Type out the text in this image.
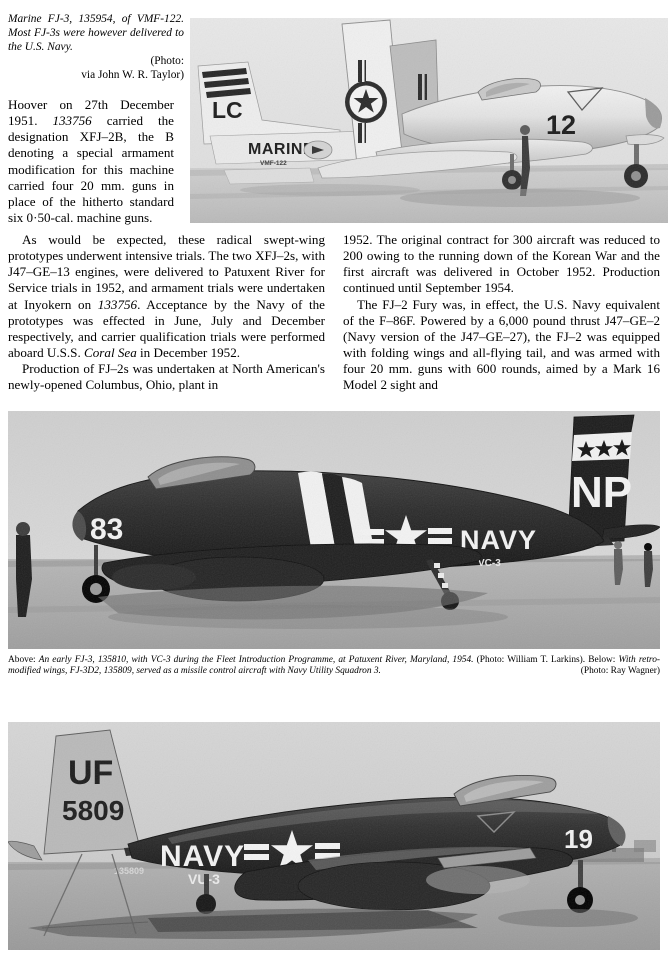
Marine FJ-3, 135954, of VMF-122. Most FJ-3s were however delivered to the U.S. Navy.
(Photo:
via John W. R. Taylor)

Hoover on 27th December 1951. 133756 carried the designation XFJ–2B, the B denoting a special armament modification for this machine carried four 20 mm. guns in place of the hitherto standard six 0·50-cal. machine guns.

As would be expected, these radical swept-wing prototypes underwent intensive trials. The two XFJ–2s, with J47–GE–13 engines, were delivered to Patuxent River for Service trials in 1952, and armament trials were undertaken at Inyokern on 133756. Acceptance by the Navy of the prototypes was effected in June, July and December respectively, and carrier qualification trials were performed aboard U.S.S. Coral Sea in December 1952.

Production of FJ–2s was undertaken at North American's newly-opened Columbus, Ohio, plant in

1952. The original contract for 300 aircraft was reduced to 200 owing to the running down of the Korean War and the first aircraft was delivered in October 1952. Production continued until September 1954.

The FJ–2 Fury was, in effect, the U.S. Navy equivalent of the F–86F. Powered by a 6,000 pound thrust J47–GE–2 (Navy version of the J47–GE–27), the FJ–2 was equipped with folding wings and all-flying tail, and was armed with four 20 mm. guns with 600 rounds, aimed by a Mark 16 Model 2 sight and

Above: An early FJ-3, 135810, with VC-3 during the Fleet Introduction Programme, at Patuxent River, Maryland, 1954. (Photo: William T. Larkins). Below: With retro-modified wings, FJ-3D2, 135809, served as a missile control aircraft with Navy Utility Squadron 3.	(Photo: Ray Wagner)
